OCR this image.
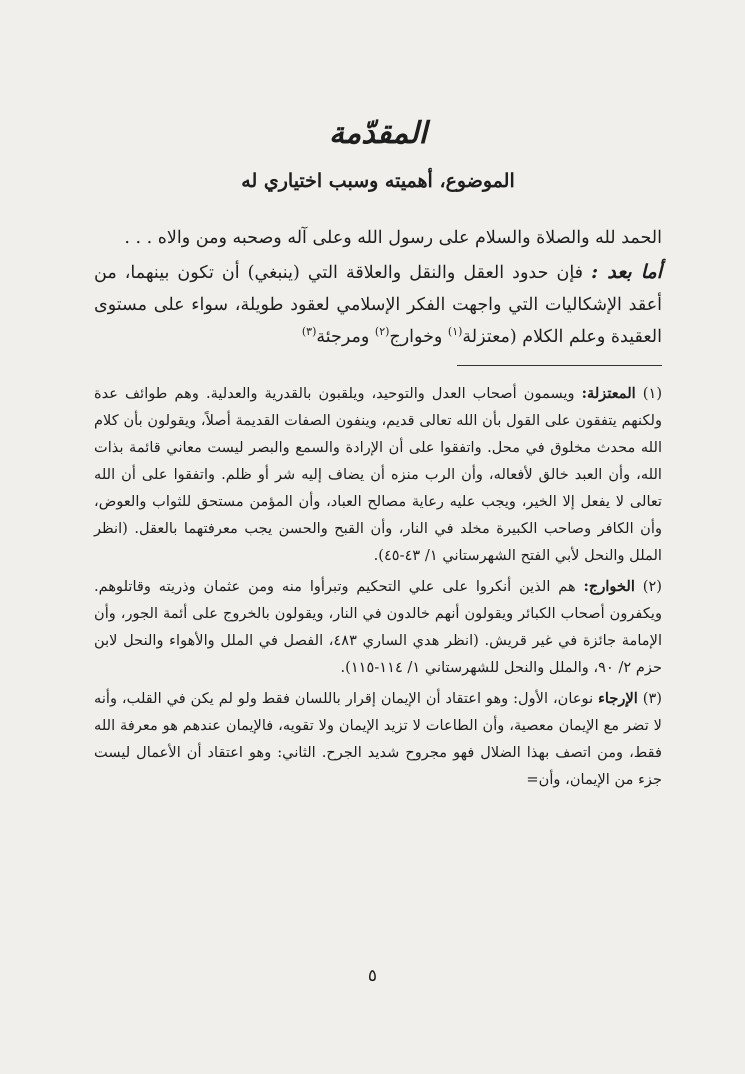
المقدّمة
الموضوع، أهميته وسبب اختياري له

الحمد لله والصلاة والسلام على رسول الله وعلى آله وصحبه ومن والاه . . .

أما بعد : فإن حدود العقل والنقل والعلاقة التي (ينبغي) أن تكون بينهما، من أعقد الإشكاليات التي واجهت الفكر الإسلامي لعقود طويلة، سواء على مستوى العقيدة وعلم الكلام (معتزلة$^{(١)}$ وخوارج$^{(٢)}$ ومرجئة$^{(٣)}$

(١) المعتزلة: ويسمون أصحاب العدل والتوحيد، ويلقبون بالقدرية والعدلية. وهم طوائف عدة ولكنهم يتفقون على القول بأن الله تعالى قديم، وينفون الصفات القديمة أصلاً، ويقولون بأن كلام الله محدث مخلوق في محل. واتفقوا على أن الإرادة والسمع والبصر ليست معاني قائمة بذات الله، وأن العبد خالق لأفعاله، وأن الرب منزه أن يضاف إليه شر أو ظلم. واتفقوا على أن الله تعالى لا يفعل إلا الخير، ويجب عليه رعاية مصالح العباد، وأن المؤمن مستحق للثواب والعوض، وأن الكافر وصاحب الكبيرة مخلد في النار، وأن القبح والحسن يجب معرفتهما بالعقل. (انظر الملل والنحل لأبي الفتح الشهرستاني ١/ ٤٣-٤٥).

(٢) الخوارج: هم الذين أنكروا على علي التحكيم وتبرأوا منه ومن عثمان وذريته وقاتلوهم. ويكفرون أصحاب الكبائر ويقولون أنهم خالدون في النار، ويقولون بالخروج على أئمة الجور، وأن الإمامة جائزة في غير قريش. (انظر هدي الساري ٤٨٣، الفصل في الملل والأهواء والنحل لابن حزم ٢/ ٩٠، والملل والنحل للشهرستاني ١/ ١١٤-١١٥).

(٣) الإرجاء نوعان، الأول: وهو اعتقاد أن الإيمان إقرار باللسان فقط ولو لم يكن في القلب، وأنه لا تضر مع الإيمان معصية، وأن الطاعات لا تزيد الإيمان ولا تقويه، فالإيمان عندهم هو معرفة الله فقط، ومن اتصف بهذا الضلال فهو مجروح شديد الجرح. الثاني: وهو اعتقاد أن الأعمال ليست جزء من الإيمان، وأن=

٥
